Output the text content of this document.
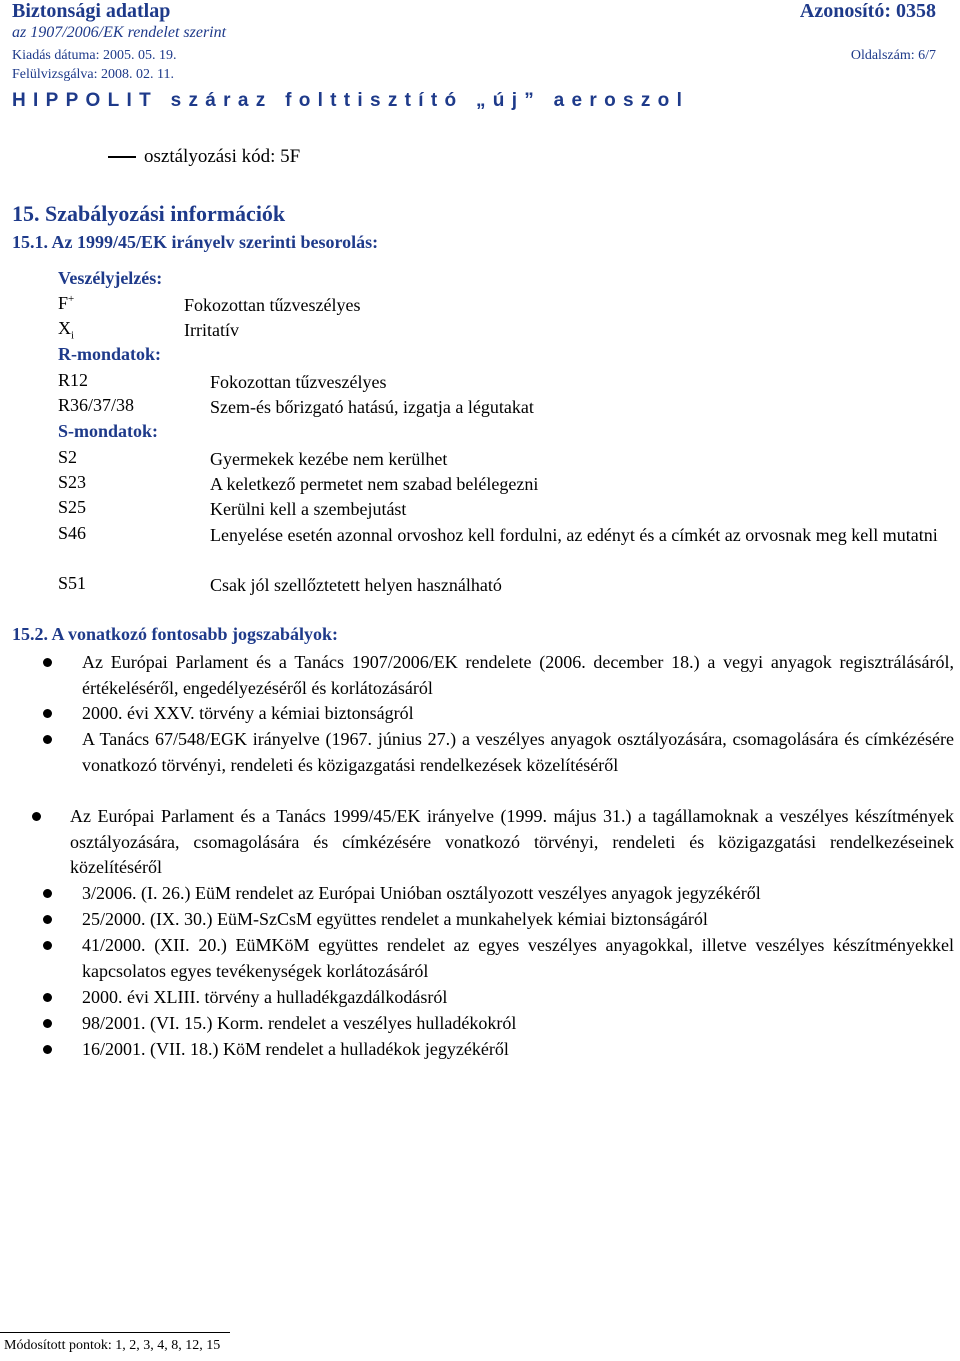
Biztonsági adatlap	Azonosító: 0358
az 1907/2006/EK rendelet szerint
Kiadás dátuma: 2005. 05. 19.	Oldalszám: 6/7
Felülvizsgálva: 2008. 02. 11.
HIPPOLIT száraz folttisztító „új” aeroszol
osztályozási kód: 5F
15. Szabályozási információk
15.1. Az 1999/45/EK irányelv szerinti besorolás:
Veszélyjelzés:
F+	Fokozottan tűzveszélyes
$X_i$	Irritatív
R-mondatok:
R12	Fokozottan tűzveszélyes
R36/37/38	Szem-és bőrizgató hatású, izgatja a légutakat
S-mondatok:
S2	Gyermekek kezébe nem kerülhet
S23	A keletkező permetet nem szabad belélegezni
S25	Kerülni kell a szembejutást
S46	Lenyelése esetén azonnal orvoshoz kell fordulni, az edényt és a címkét az orvosnak meg kell mutatni
S51	Csak jól szellőztetett helyen használható
15.2. A vonatkozó fontosabb jogszabályok:
Az Európai Parlament és a Tanács 1907/2006/EK rendelete (2006. december 18.) a vegyi anyagok regisztrálásáról, értékeléséről, engedélyezéséről és korlátozásáról
2000. évi XXV. törvény a kémiai biztonságról
A Tanács 67/548/EGK irányelve (1967. június 27.) a veszélyes anyagok osztályozására, csomagolására és címkézésére vonatkozó törvényi, rendeleti és közigazgatási rendelkezések közelítéséről
Az Európai Parlament és a Tanács 1999/45/EK irányelve (1999. május 31.) a tagállamoknak a veszélyes készítmények osztályozására, csomagolására és címkézésére vonatkozó törvényi, rendeleti és közigazgatási rendelkezéseinek közelítéséről
3/2006. (I. 26.) EüM rendelet az Európai Unióban osztályozott veszélyes anyagok jegyzékéről
25/2000. (IX. 30.) EüM-SzCsM együttes rendelet a munkahelyek kémiai biztonságáról
41/2000. (XII. 20.) EüMKöM együttes rendelet az egyes veszélyes anyagokkal, illetve veszélyes készítményekkel kapcsolatos egyes tevékenységek korlátozásáról
2000. évi XLIII. törvény a hulladékgazdálkodásról
98/2001. (VI. 15.) Korm. rendelet a veszélyes hulladékokról
16/2001. (VII. 18.) KöM rendelet a hulladékok jegyzékéről
Módosított pontok: 1, 2, 3, 4, 8, 12, 15
